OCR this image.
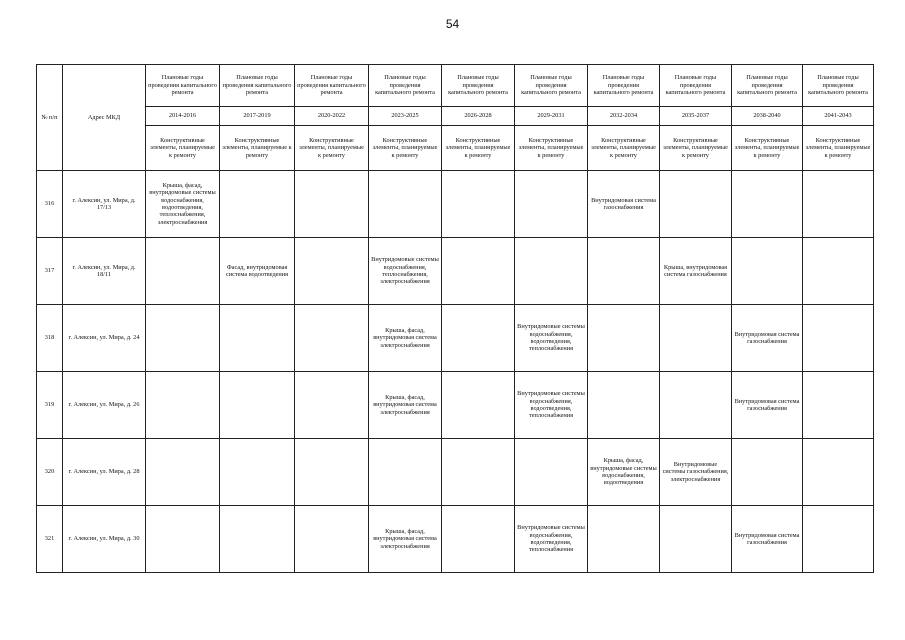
54
№ п/п	Адрес МКД	Плановые годы проведения капитального ремонта	Плановые годы проведения капитального ремонта	Плановые годы проведения капитального ремонта	Плановые годы проведения капитального ремонта	Плановые годы проведения капитального ремонта	Плановые годы проведения капитального ремонта	Плановые годы проведения капитального ремонта	Плановые годы проведения капитального ремонта	Плановые годы проведения капитального ремонта	Плановые годы проведения капитального ремонта
		2014-2016	2017-2019	2020-2022	2023-2025	2026-2028	2029-2031	2032-2034	2035-2037	2038-2040	2041-2043
		Конструктивные элементы, планируемые к ремонту	Конструктивные элементы, планируемые к ремонту	Конструктивные элементы, планируемые к ремонту	Конструктивные элементы, планируемые к ремонту	Конструктивные элементы, планируемые к ремонту	Конструктивные элементы, планируемые к ремонту	Конструктивные элементы, планируемые к ремонту	Конструктивные элементы, планируемые к ремонту	Конструктивные элементы, планируемые к ремонту	Конструктивные элементы, планируемые к ремонту
316	г. Алексин, ул. Мира, д. 17/13	Крыша, фасад, внутридомовые системы водоснабжения, водоотведения, теплоснабжения, электроснабжения						Внутридомовая система газоснабжения			
317	г. Алексин, ул. Мира, д. 18/11		Фасад, внутридомовая система водоотведения		Внутридомовые системы водоснабжения, теплоснабжения, электроснабжения				Крыша, внутридомовая система газоснабжения		
318	г. Алексин, ул. Мира, д. 24				Крыша, фасад, внутридомовая система электроснабжения		Внутридомовые системы водоснабжения, водоотведения, теплоснабжения			Внутридомовая система газоснабжения	
319	г. Алексин, ул. Мира, д. 26				Крыша, фасад, внутридомовая система электроснабжения		Внутридомовые системы водоснабжения, водоотведения, теплоснабжения			Внутридомовая система газоснабжения	
320	г. Алексин, ул. Мира, д. 28							Крыша, фасад, внутридомовые системы водоснабжения, водоотведения	Внутридомовые системы газоснабжения, электроснабжения		
321	г. Алексин, ул. Мира, д. 30				Крыша, фасад, внутридомовая система электроснабжения		Внутридомовые системы водоснабжения, водоотведения, теплоснабжения			Внутридомовая система газоснабжения	
